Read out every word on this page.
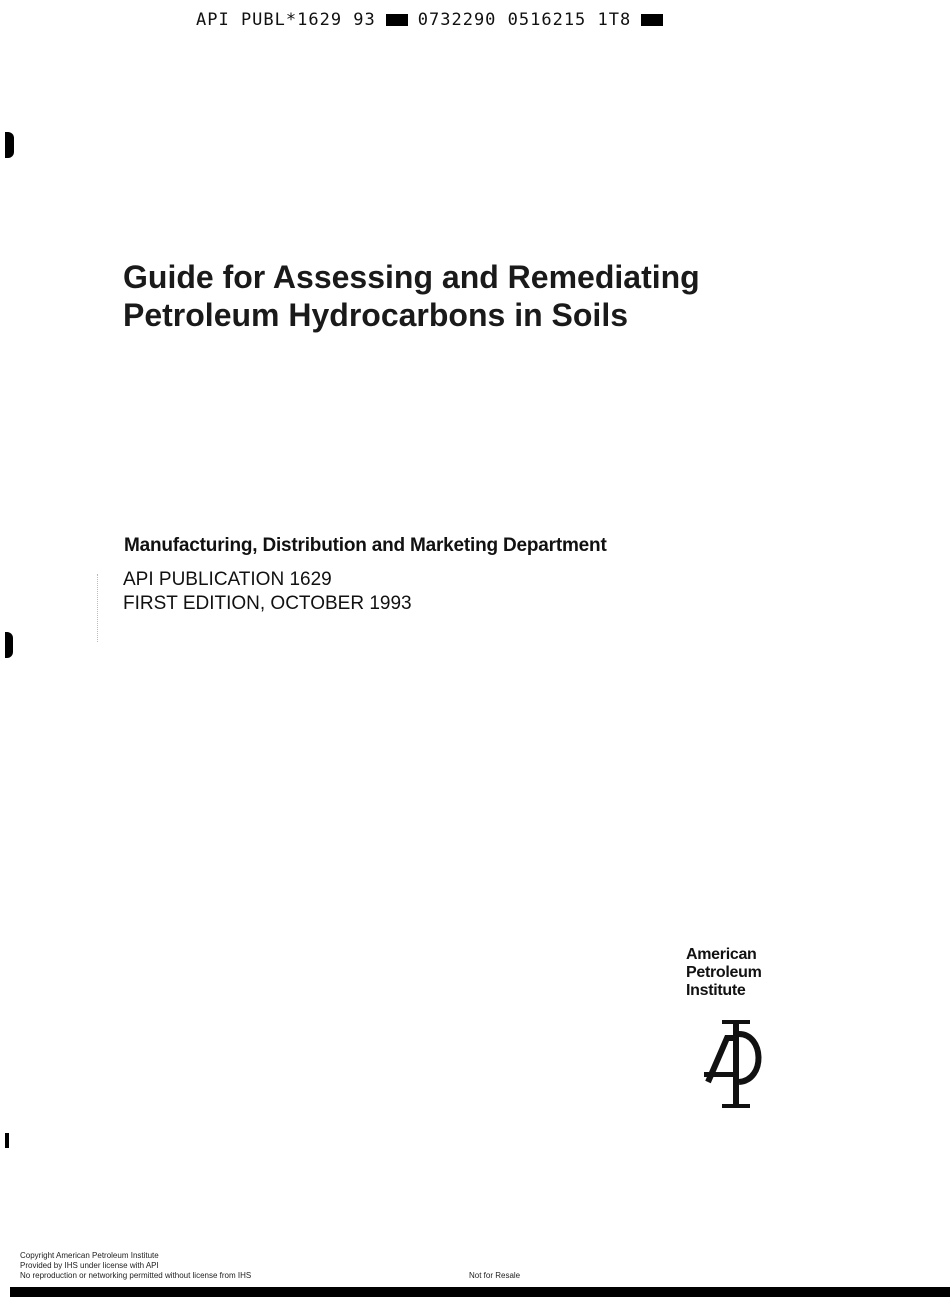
API PUBL*1629 93 0732290 0516215 1T8
Guide for Assessing and Remediating
Petroleum Hydrocarbons in Soils
Manufacturing, Distribution and Marketing Department
API PUBLICATION 1629
FIRST EDITION, OCTOBER 1993
American
Petroleum
Institute
Copyright American Petroleum Institute
Provided by IHS under license with API
No reproduction or networking permitted without license from IHS	Not for Resale
